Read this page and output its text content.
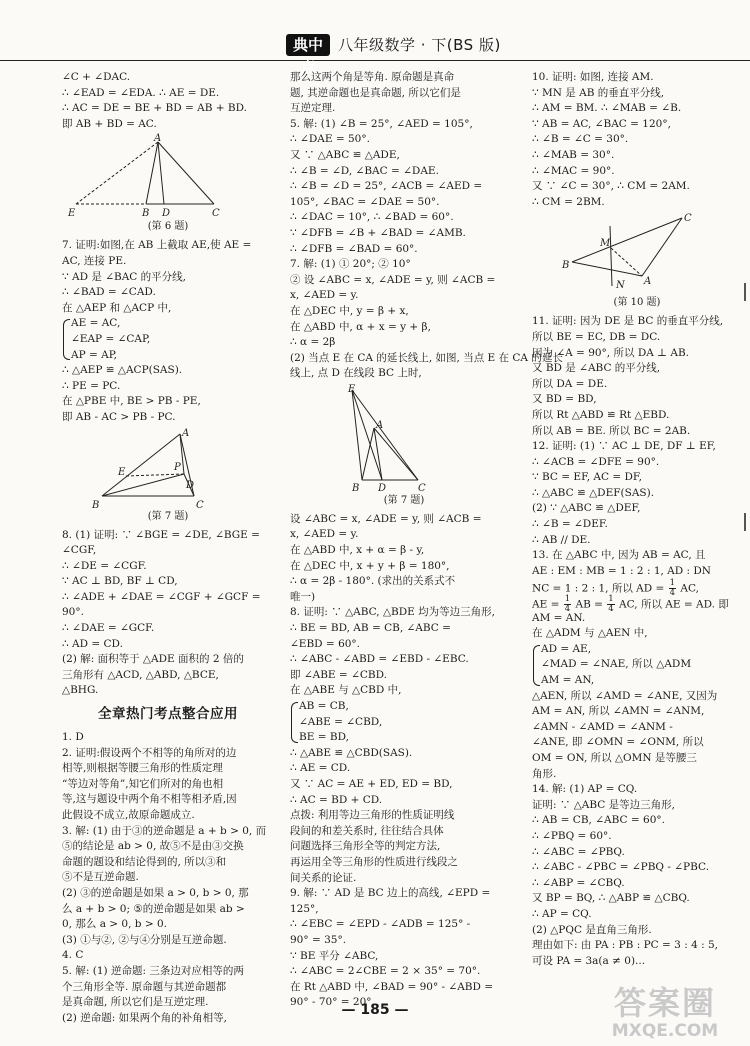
典中点
八年级数学 · 下(BS 版)
∠C + ∠DAC.
∴ ∠EAD = ∠EDA. ∴ AE = DE.
∴ AC = DE = BE + BD = AB + BD.
即 AB + BD = AC.
A
E	B D	C
(第 6 题)
7. 证明:如图,在 AB 上截取 AE,使 AE =
AC, 连接 PE.
∵ AD 是 ∠BAC 的平分线,
∴ ∠BAD = ∠CAD.
在 △AEP 和 △ACP 中,
AE = AC,
∠EAP = ∠CAP,
AP = AP,
∴ △AEP ≌ △ACP(SAS).
∴ PE = PC.
在 △PBE 中, BE > PB - PE,
即 AB - AC > PB - PC.
A
E	P
D
B	C
(第 7 题)
8. (1) 证明: ∵ ∠BGE = ∠DE, ∠BGE =
∠CGF,
∴ ∠DE = ∠CGF.
∵ AC ⊥ BD, BF ⊥ CD,
∴ ∠ADE + ∠DAE = ∠CGF + ∠GCF =
90°.
∴ ∠DAE = ∠GCF.
∴ AD = CD.
(2) 解: 面积等于 △ADE 面积的 2 倍的
三角形有 △ACD, △ABD, △BCE,
△BHG.
全章热门考点整合应用
1. D
2. 证明:假设两个不相等的角所对的边
相等,则根据等腰三角形的性质定理
“等边对等角”,知它们所对的角也相
等,这与题设中两个角不相等相矛盾,因
此假设不成立,故原命题成立.
3. 解: (1) 由于③的逆命题是 a + b > 0, 而
⑤的结论是 ab > 0, 故⑤不是由③交换
命题的题设和结论得到的, 所以③和
⑤不是互逆命题.
(2) ③的逆命题是如果 a > 0, b > 0, 那
么 a + b > 0; ⑤的逆命题是如果 ab >
0, 那么 a > 0, b > 0.
(3) ①与②, ②与④分别是互逆命题.
4. C
5. 解: (1) 逆命题: 三条边对应相等的两
个三角形全等. 原命题与其逆命题都
是真命题, 所以它们是互逆定理.
(2) 逆命题: 如果两个角的补角相等,
那么这两个角是等角. 原命题是真命
题, 其逆命题也是真命题, 所以它们是
互逆定理.
5. 解: (1) ∠B = 25°, ∠AED = 105°,
∴ ∠DAE = 50°.
又 ∵ △ABC ≌ △ADE,
∴ ∠B = ∠D, ∠BAC = ∠DAE.
∴ ∠B = ∠D = 25°, ∠ACB = ∠AED =
105°, ∠BAC = ∠DAE = 50°.
∴ ∠DAC = 10°, ∴ ∠BAD = 60°.
∵ ∠DFB = ∠B + ∠BAD = ∠AMB.
∴ ∠DFB = ∠BAD = 60°.
7. 解: (1) ① 20°; ② 10°
② 设 ∠ABC = x, ∠ADE = y, 则 ∠ACB =
x, ∠AED = y.
在 △DEC 中, y = β + x,
在 △ABD 中, α + x = y + β,
∴ α = 2β
(2) 当点 E 在 CA 的延长线上, 如图, 当点 E 在 CA 的延长
线上, 点 D 在线段 BC 上时,
E
A
B D	C
(第 7 题)
设 ∠ABC = x, ∠ADE = y, 则 ∠ACB =
x, ∠AED = y.
在 △ABD 中, x + α = β - y,
在 △DEC 中, x + y + β = 180°,
∴ α = 2β - 180°. (求出的关系式不
唯一)
8. 证明: ∵ △ABC, △BDE 均为等边三角形,
∴ BE = BD, AB = CB, ∠ABC =
∠EBD = 60°.
∴ ∠ABC - ∠ABD = ∠EBD - ∠EBC.
即 ∠ABE = ∠CBD.
在 △ABE 与 △CBD 中,
AB = CB,
∠ABE = ∠CBD,
BE = BD,
∴ △ABE ≌ △CBD(SAS).
∴ AE = CD.
又 ∵ AC = AE + ED, ED = BD,
∴ AC = BD + CD.
点拨: 利用等边三角形的性质证明线
段间的和差关系时, 往往结合具体
问题选择三角形全等的判定方法,
再运用全等三角形的性质进行线段之
间关系的论证.
9. 解: ∵ AD 是 BC 边上的高线, ∠EPD =
125°,
∴ ∠EBC = ∠EPD - ∠ADB = 125° -
90° = 35°.
∵ BE 平分 ∠ABC,
∴ ∠ABC = 2∠CBE = 2 × 35° = 70°.
在 Rt △ABD 中, ∠BAD = 90° - ∠ABD =
90° - 70° = 20°.
10. 证明: 如图, 连接 AM.
∵ MN 是 AB 的垂直平分线,
∴ AM = BM. ∴ ∠MAB = ∠B.
∵ AB = AC, ∠BAC = 120°,
∴ ∠B = ∠C = 30°.
∴ ∠MAB = 30°.
∴ ∠MAC = 90°.
又 ∵ ∠C = 30°, ∴ CM = 2AM.
∴ CM = 2BM.
C
M
A
B
N
(第 10 题)
11. 证明: 因为 DE 是 BC 的垂直平分线,
所以 BE = EC, DB = DC.
因为 ∠A = 90°, 所以 DA ⊥ AB.
又 BD 是 ∠ABC 的平分线,
所以 DA = DE.
又 BD = BD,
所以 Rt △ABD ≌ Rt △EBD.
所以 AB = BE. 所以 BC = 2AB.
12. 证明: (1) ∵ AC ⊥ DE, DF ⊥ EF,
∴ ∠ACB = ∠DFE = 90°.
∵ BC = EF, AC = DF,
∴ △ABC ≌ △DEF(SAS).
(2) ∵ △ABC ≌ △DEF,
∴ ∠B = ∠DEF.
∴ AB // DE.
13. 在 △ABC 中, 因为 AB = AC, 且
AE : EM : MB = 1 : 2 : 1, AD : DN
NC = 1 : 2 : 1, 所以 AD = $\frac{1}{4}$ AC,
AE = $\frac{1}{4}$ AB = $\frac{1}{4}$ AC, 所以 AE = AD. 即
AM = AN.
在 △ADM 与 △AEN 中,
AD = AE,
∠MAD = ∠NAE, 所以 △ADM
AM = AN,
△AEN, 所以 ∠AMD = ∠ANE, 又因为
AM = AN, 所以 ∠AMN = ∠ANM,
∠AMN - ∠AMD = ∠ANM -
∠ANE, 即 ∠OMN = ∠ONM, 所以
OM = ON, 所以 △OMN 是等腰三
角形.
14. 解: (1) AP = CQ.
证明: ∵ △ABC 是等边三角形,
∴ AB = CB, ∠ABC = 60°.
∴ ∠PBQ = 60°.
∴ ∠ABC = ∠PBQ.
∴ ∠ABC - ∠PBC = ∠PBQ - ∠PBC.
∴ ∠ABP = ∠CBQ.
又 BP = BQ, ∴ △ABP ≌ △CBQ.
∴ AP = CQ.
(2) △PQC 是直角三角形.
理由如下: 由 PA : PB : PC = 3 : 4 : 5,
可设 PA = 3a(a ≠ 0)...
— 185 —	答案圈
MXQE.COM
